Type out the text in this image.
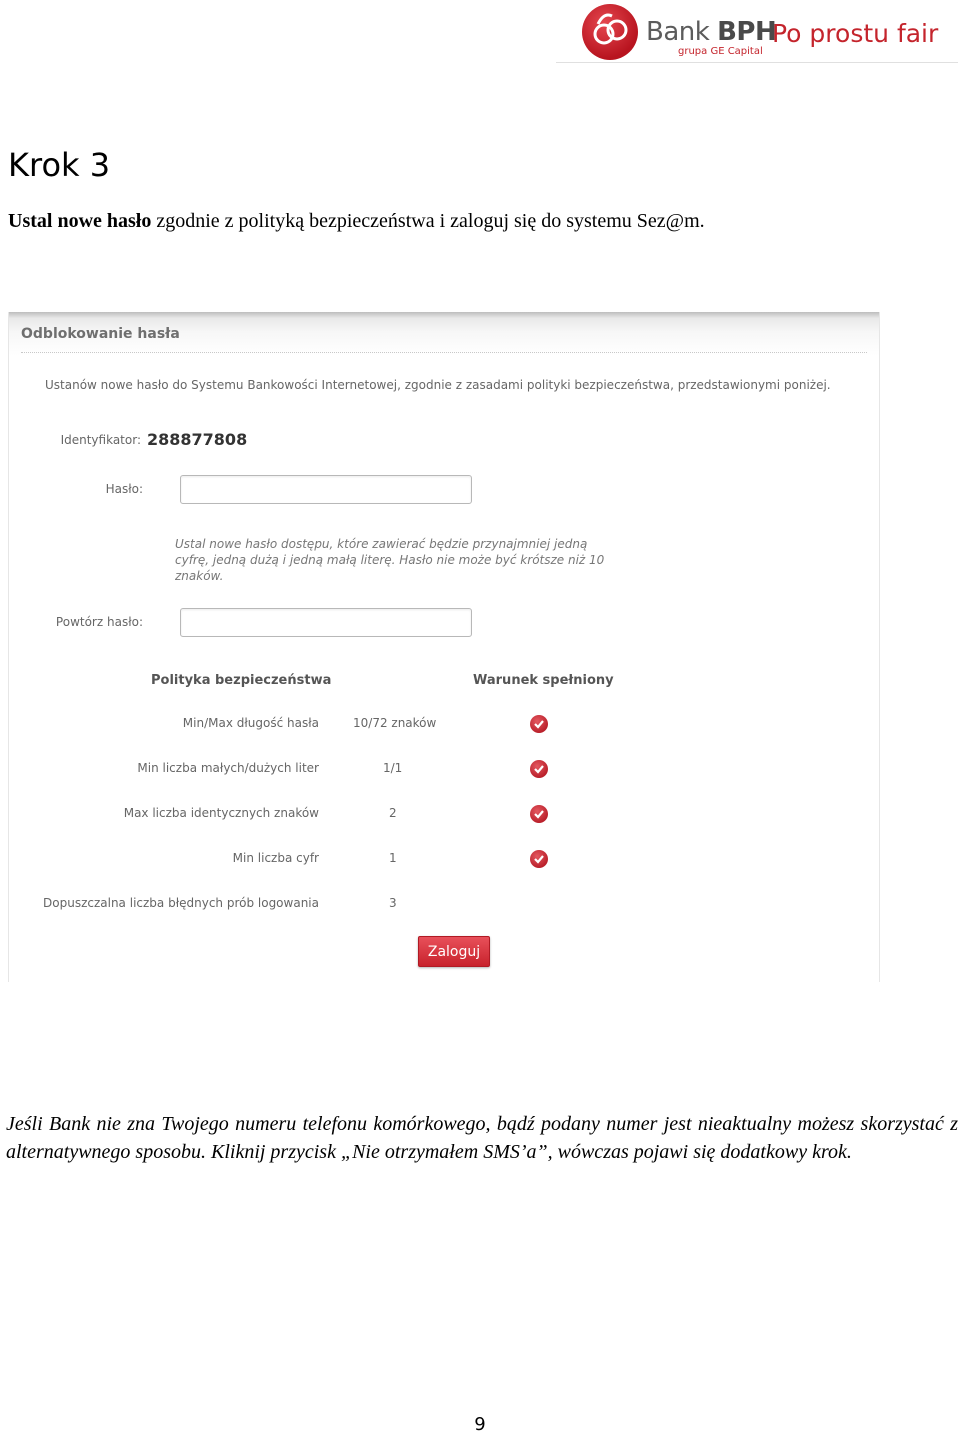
Bank BPH
grupa GE Capital
Po prostu fair
Krok 3

Ustal nowe hasło zgodnie z polityką bezpieczeństwa i zaloguj się do systemu Sez@m.

Odblokowanie hasła
Ustanów nowe hasło do Systemu Bankowości Internetowej, zgodnie z zasadami polityki bezpieczeństwa, przedstawionymi poniżej.
Identyfikator: 288877808
Hasło:
Ustal nowe hasło dostępu, które zawierać będzie przynajmniej jedną cyfrę, jedną dużą i jedną małą literę. Hasło nie może być krótsze niż 10 znaków.
Powtórz hasło:
Polityka bezpieczeństwa	Warunek spełniony
Min/Max długość hasła	10/72 znaków
Min liczba małych/dużych liter	1/1
Max liczba identycznych znaków	2
Min liczba cyfr	1
Dopuszczalna liczba błędnych prób logowania	3
Zaloguj

Jeśli Bank nie zna Twojego numeru telefonu komórkowego, bądź podany numer jest nieaktualny możesz skorzystać z alternatywnego sposobu. Kliknij przycisk „Nie otrzymałem SMS’a”, wówczas pojawi się dodatkowy krok.

9
